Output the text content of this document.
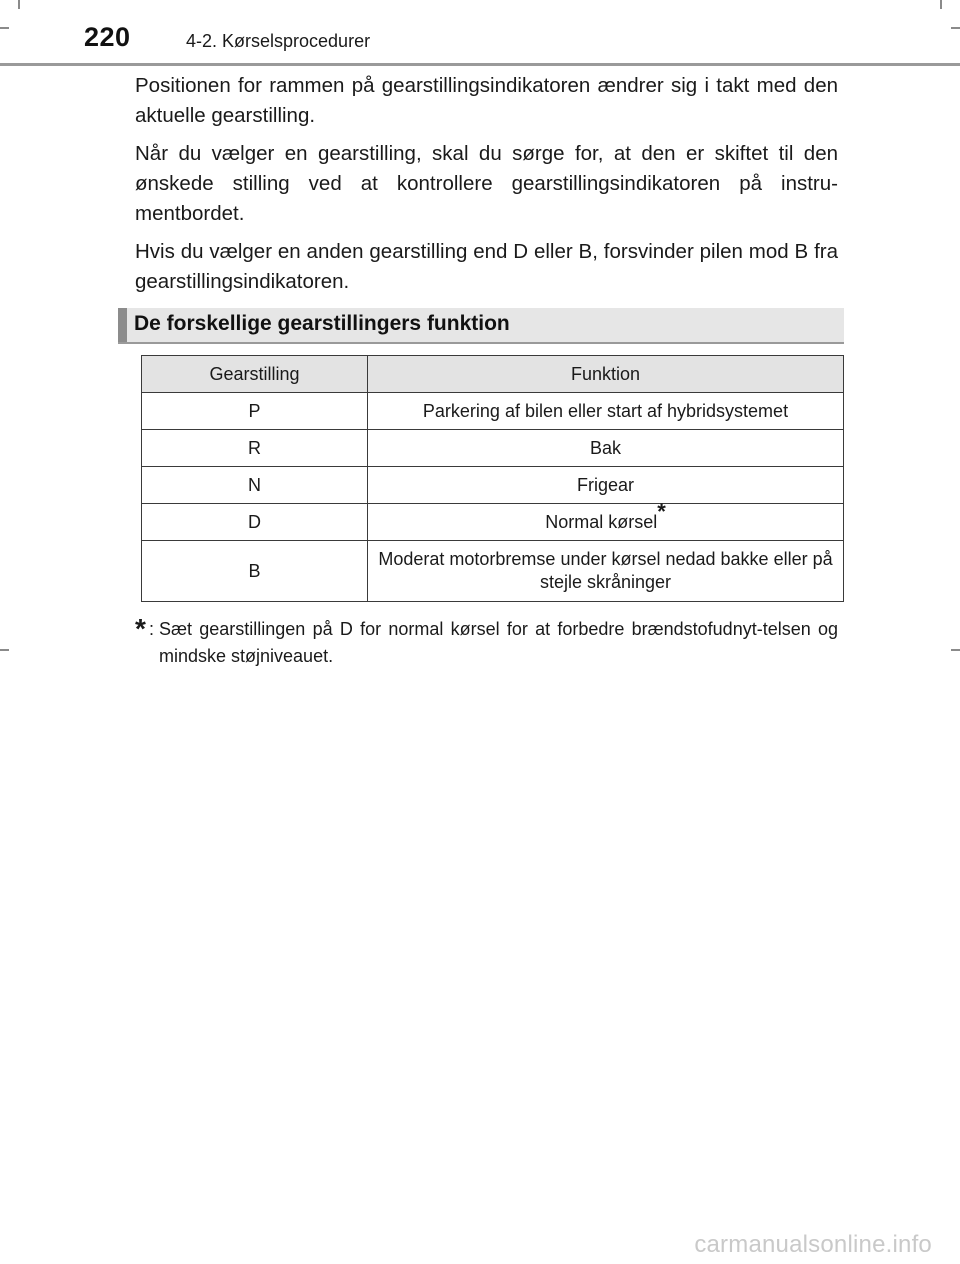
220	4-2. Kørselsprocedurer

Positionen for rammen på gearstillingsindikatoren ændrer sig i takt med den aktuelle gearstilling.

Når du vælger en gearstilling, skal du sørge for, at den er skiftet til den ønskede stilling ved at kontrollere gearstillingsindikatoren på instru-mentbordet.

Hvis du vælger en anden gearstilling end D eller B, forsvinder pilen mod B fra gearstillingsindikatoren.

De forskellige gearstillingers funktion
Gearstilling	Funktion
P	Parkering af bilen eller start af hybridsystemet
R	Bak
N	Frigear
D	Normal kørsel*
B	Moderat motorbremse under kørsel nedad bakke eller på stejle skråninger
* : Sæt gearstillingen på D for normal kørsel for at forbedre brændstofudnyt-telsen og mindske støjniveauet.
carmanualsonline.info
